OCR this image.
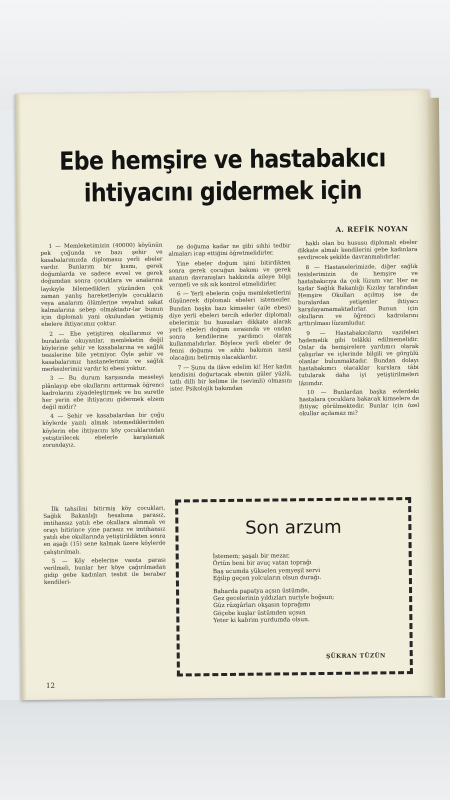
Ebe hemşire ve hastabakıcı ihtiyacını gidermek için
A. REFİK NOYAN

1 — Memleketimizin (40000) köyünün pek çoğunda ve bazı şehir ve kasabalarımızda diplomasız yerli ebeler vardır. Bunlarım bir kısmı, gerek doğumlarda ve sadece evvel ve gerek doğumdan sonra çocuklara ve analarına layıkıyle bilemedikleri yüzünden çok zaman yanlış hareketleriyle çocukların veya analarım ölümlerine veyahut sakat kalmalarına sebep olmaktadır-lar bunun için diplomalı yani okulundan yetişmiş ebelere ihtiyacımız çoktur.

2 — Ebe yetiştiren okullarımız ve buralarda okuyanlar, memleketin değil köylerine şehir ve kasabalarına ve sağlık tesislerine bile yetmiyor. Öyle şehir ve kasabalarımız hastanelerimiz ve sağlık merkezlerimiz vardır ki ebesi yoktur.

3 — Bu durum karşısında meseleyi plânlayıp ebe okullarını arttırmak öğrenci kadrolarını ziyadeleştirmek ve bu suretle her yerin ebe ihtiyacını gidermek elzem değil midir?

4 — Şehir ve kasabalardan bir çoğu köylerde yazılı almak istemediklerinden köylerin ebe ihtiyacını köy çocuklarından yetiştirilecek ebelerle karşılamak zorundayız.

İlk tahsilini bitirmiş köy çocukları, Sağlık Bakanlığı hesabına parasız, imtihansız yatılı ebe okullara alınmalı ve orayı bitirince yine parasız ve imtihansız yatılı ebe okullarında yetiştirildikten sonra en aşağı (15) sene kalmak üzere köylerde çalıştırılmalı.

5 — Köy ebelerine vasıta parası verilmeli, bunlar her köye çağırılmadan gidip gebe kadınları tesbit ile beraber kendileri-

ne doğuma kadar ne gibi sıhhi tedbir almaları icap ettiğini öğretmelidirler.

Yine ebeler doğum işini bitirdikten sonra gerek çocuğun bakımı ve gerek ananın davranışları hakkında aileye bilgi vermeli ve sık sık kontrol etmelidirler.

6 — Yerli ebelerin çoğu memleketlerini düşünerek diplomalı ebeleri istemezler. Bundan başka bazı kimseler (aile ebesi) diye yerli ebeleri tercih ederler diplomalı ebelerimiz bu hususları dikkate alarak yerli ebeleri doğum sırasında ve ondan sonra kendilerine yardımcı olarak kullanmalıdırlar. Böylece yerli ebeler de fenni doğumu ve sıhhi bakımın nasıl olacağını belirmiş olacaklardır.

7 — Şunu da ilâve edelim ki! Her kadın kendisini doğurtacak ebenin güler yüzlü, tatlı dilli bir kelime ile (sevimli) olmasını ister. Psikolojik bakımdan

haklı olan bu hususu diplomalı ebeler dikkate almalı kendilerini gebe kadınlara sevdirecek şekilde davranmalıdırlar.

8 — Hastanelerimizde, diğer sağlık tesislerimizin de hemşire ve hastabakıcıya da çok lüzum var. Her ne kadar Sağlık Bakanlığı Kızılay tarafından Hemşire Okulları açılmış ise de buralardan yetişenler ihtiyacı karşılayamamaktadırlar. Bunun için okulların ve öğrenci kadrolarını arttırılması lüzumludur.

9 — Hastabakıcıların vazifeleri hademelik gibi telâkki edilmemelidir. Onlar da hemşirelere yardımcı olarak çalışırlar ve içlerinde bilgili ve görgülü olanlar bulunmaktadır. Bundan dolayı hastabakımcı olacaklar kurslara tâbi tutularak daha iyi yetiştirilmeleri lâzımdır.

10 — Bunlardan başka evlerdeki hastalara çocuklara bakacak kimselere de ihtiyaç görülmektedir. Bunlar için özel okullar açılamaz mı?

Son arzum
İstemem; şaşalı bir mezar,
Örtün beni bir avuç vatan toprağı
Baş ucumda yükselen yemyeşil servi
Eğilip geçen yolcuların olsun durağı.
Baharda papatya açsın üstümde,
Gez gecelerinin yıldızları nuriyle boğsun;
Güz rüzgârları okşasın toprağımı
Göçebe kuşlar üstümden uçsun
Yeter ki kabrim yurdumda olsun.
ŞÜKRAN TÜZÜN
12
